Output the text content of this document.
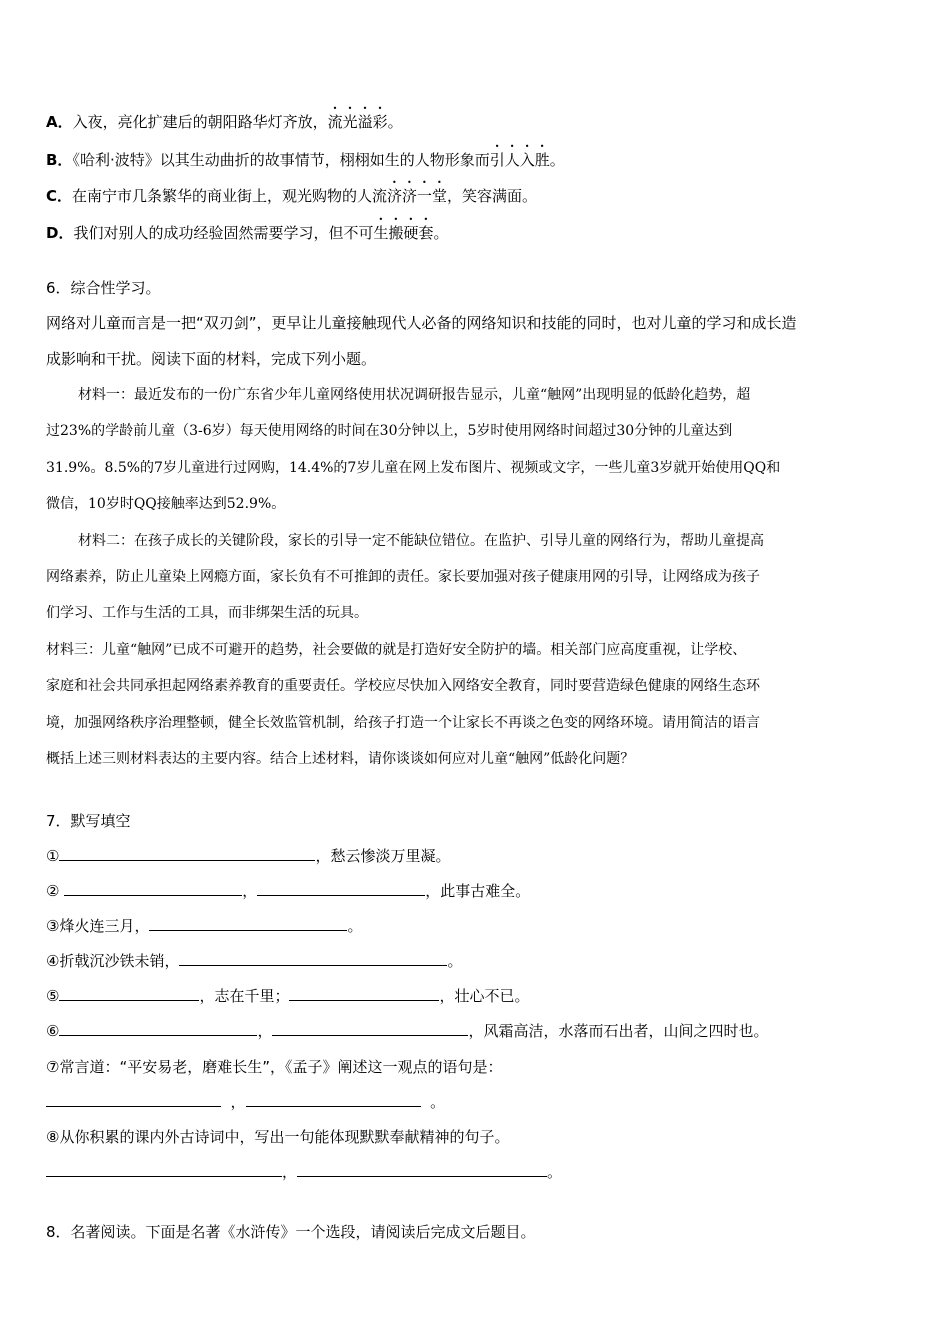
A．入夜，亮化扩建后的朝阳路华灯齐放，流光溢彩。
B．《哈利·波特》以其生动曲折的故事情节，栩栩如生的人物形象而引人入胜。
C．在南宁市几条繁华的商业街上，观光购物的人流济济一堂，笑容满面。
D．我们对别人的成功经验固然需要学习，但不可生搬硬套。
6．综合性学习。
网络对儿童而言是一把“双刃剑”，更早让儿童接触现代人必备的网络知识和技能的同时，也对儿童的学习和成长造
成影响和干扰。阅读下面的材料，完成下列小题。
材料一：最近发布的一份广东省少年儿童网络使用状况调研报告显示，儿童“触网”出现明显的低龄化趋势，超
过23%的学龄前儿童（3-6岁）每天使用网络的时间在30分钟以上，5岁时使用网络时间超过30分钟的儿童达到
31.9%。8.5%的7岁儿童进行过网购，14.4%的7岁儿童在网上发布图片、视频或文字，一些儿童3岁就开始使用QQ和
微信，10岁时QQ接触率达到52.9%。
材料二：在孩子成长的关键阶段，家长的引导一定不能缺位错位。在监护、引导儿童的网络行为，帮助儿童提高
网络素养，防止儿童染上网瘾方面，家长负有不可推卸的责任。家长要加强对孩子健康用网的引导，让网络成为孩子
们学习、工作与生活的工具，而非绑架生活的玩具。
材料三：儿童“触网”已成不可避开的趋势，社会要做的就是打造好安全防护的墙。相关部门应高度重视，让学校、
家庭和社会共同承担起网络素养教育的重要责任。学校应尽快加入网络安全教育，同时要营造绿色健康的网络生态环
境，加强网络秩序治理整顿，健全长效监管机制，给孩子打造一个让家长不再谈之色变的网络环境。请用简洁的语言
概括上述三则材料表达的主要内容。结合上述材料，请你谈谈如何应对儿童“触网”低龄化问题？
7．默写填空
①	，愁云惨淡万里凝。
②	，	，此事古难全。
③烽火连三月，	。
④折戟沉沙铁未销，	。
⑤	，志在千里；	，壮心不已。
⑥	，	，风霜高洁，水落而石出者，山间之四时也。
⑦常言道：“平安易老，磨难长生”，《孟子》阐述这一观点的语句是：
，	。
⑧从你积累的课内外古诗词中，写出一句能体现默默奉献精神的句子。
，	。
8．名著阅读。下面是名著《水浒传》一个选段，请阅读后完成文后题目。
